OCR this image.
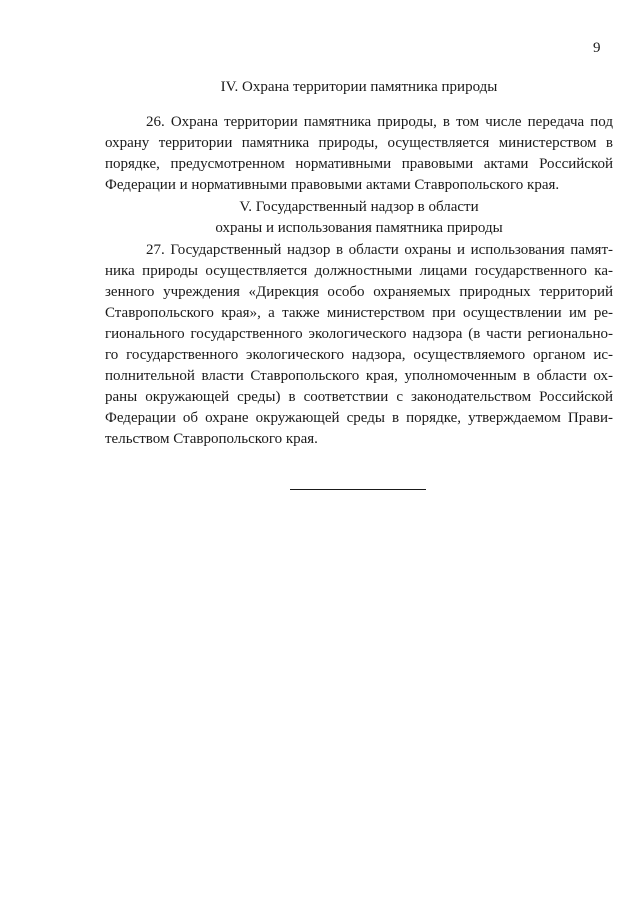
9
IV. Охрана территории памятника природы
26. Охрана территории памятника природы, в том числе передача под
охрану территории памятника природы, осуществляется министерством в
порядке, предусмотренном нормативными правовыми актами Российской
Федерации и нормативными правовыми актами Ставропольского края.
V. Государственный надзор в области
охраны и использования памятника природы
27. Государственный надзор в области охраны и использования памят-
ника природы осуществляется должностными лицами государственного ка-
зенного учреждения «Дирекция особо охраняемых природных территорий
Ставропольского края», а также министерством при осуществлении им ре-
гионального государственного экологического надзора (в части регионально-
го государственного экологического надзора, осуществляемого органом ис-
полнительной власти Ставропольского края, уполномоченным в области ох-
раны окружающей среды) в соответствии с законодательством Российской
Федерации об охране окружающей среды в порядке, утверждаемом Прави-
тельством Ставропольского края.
